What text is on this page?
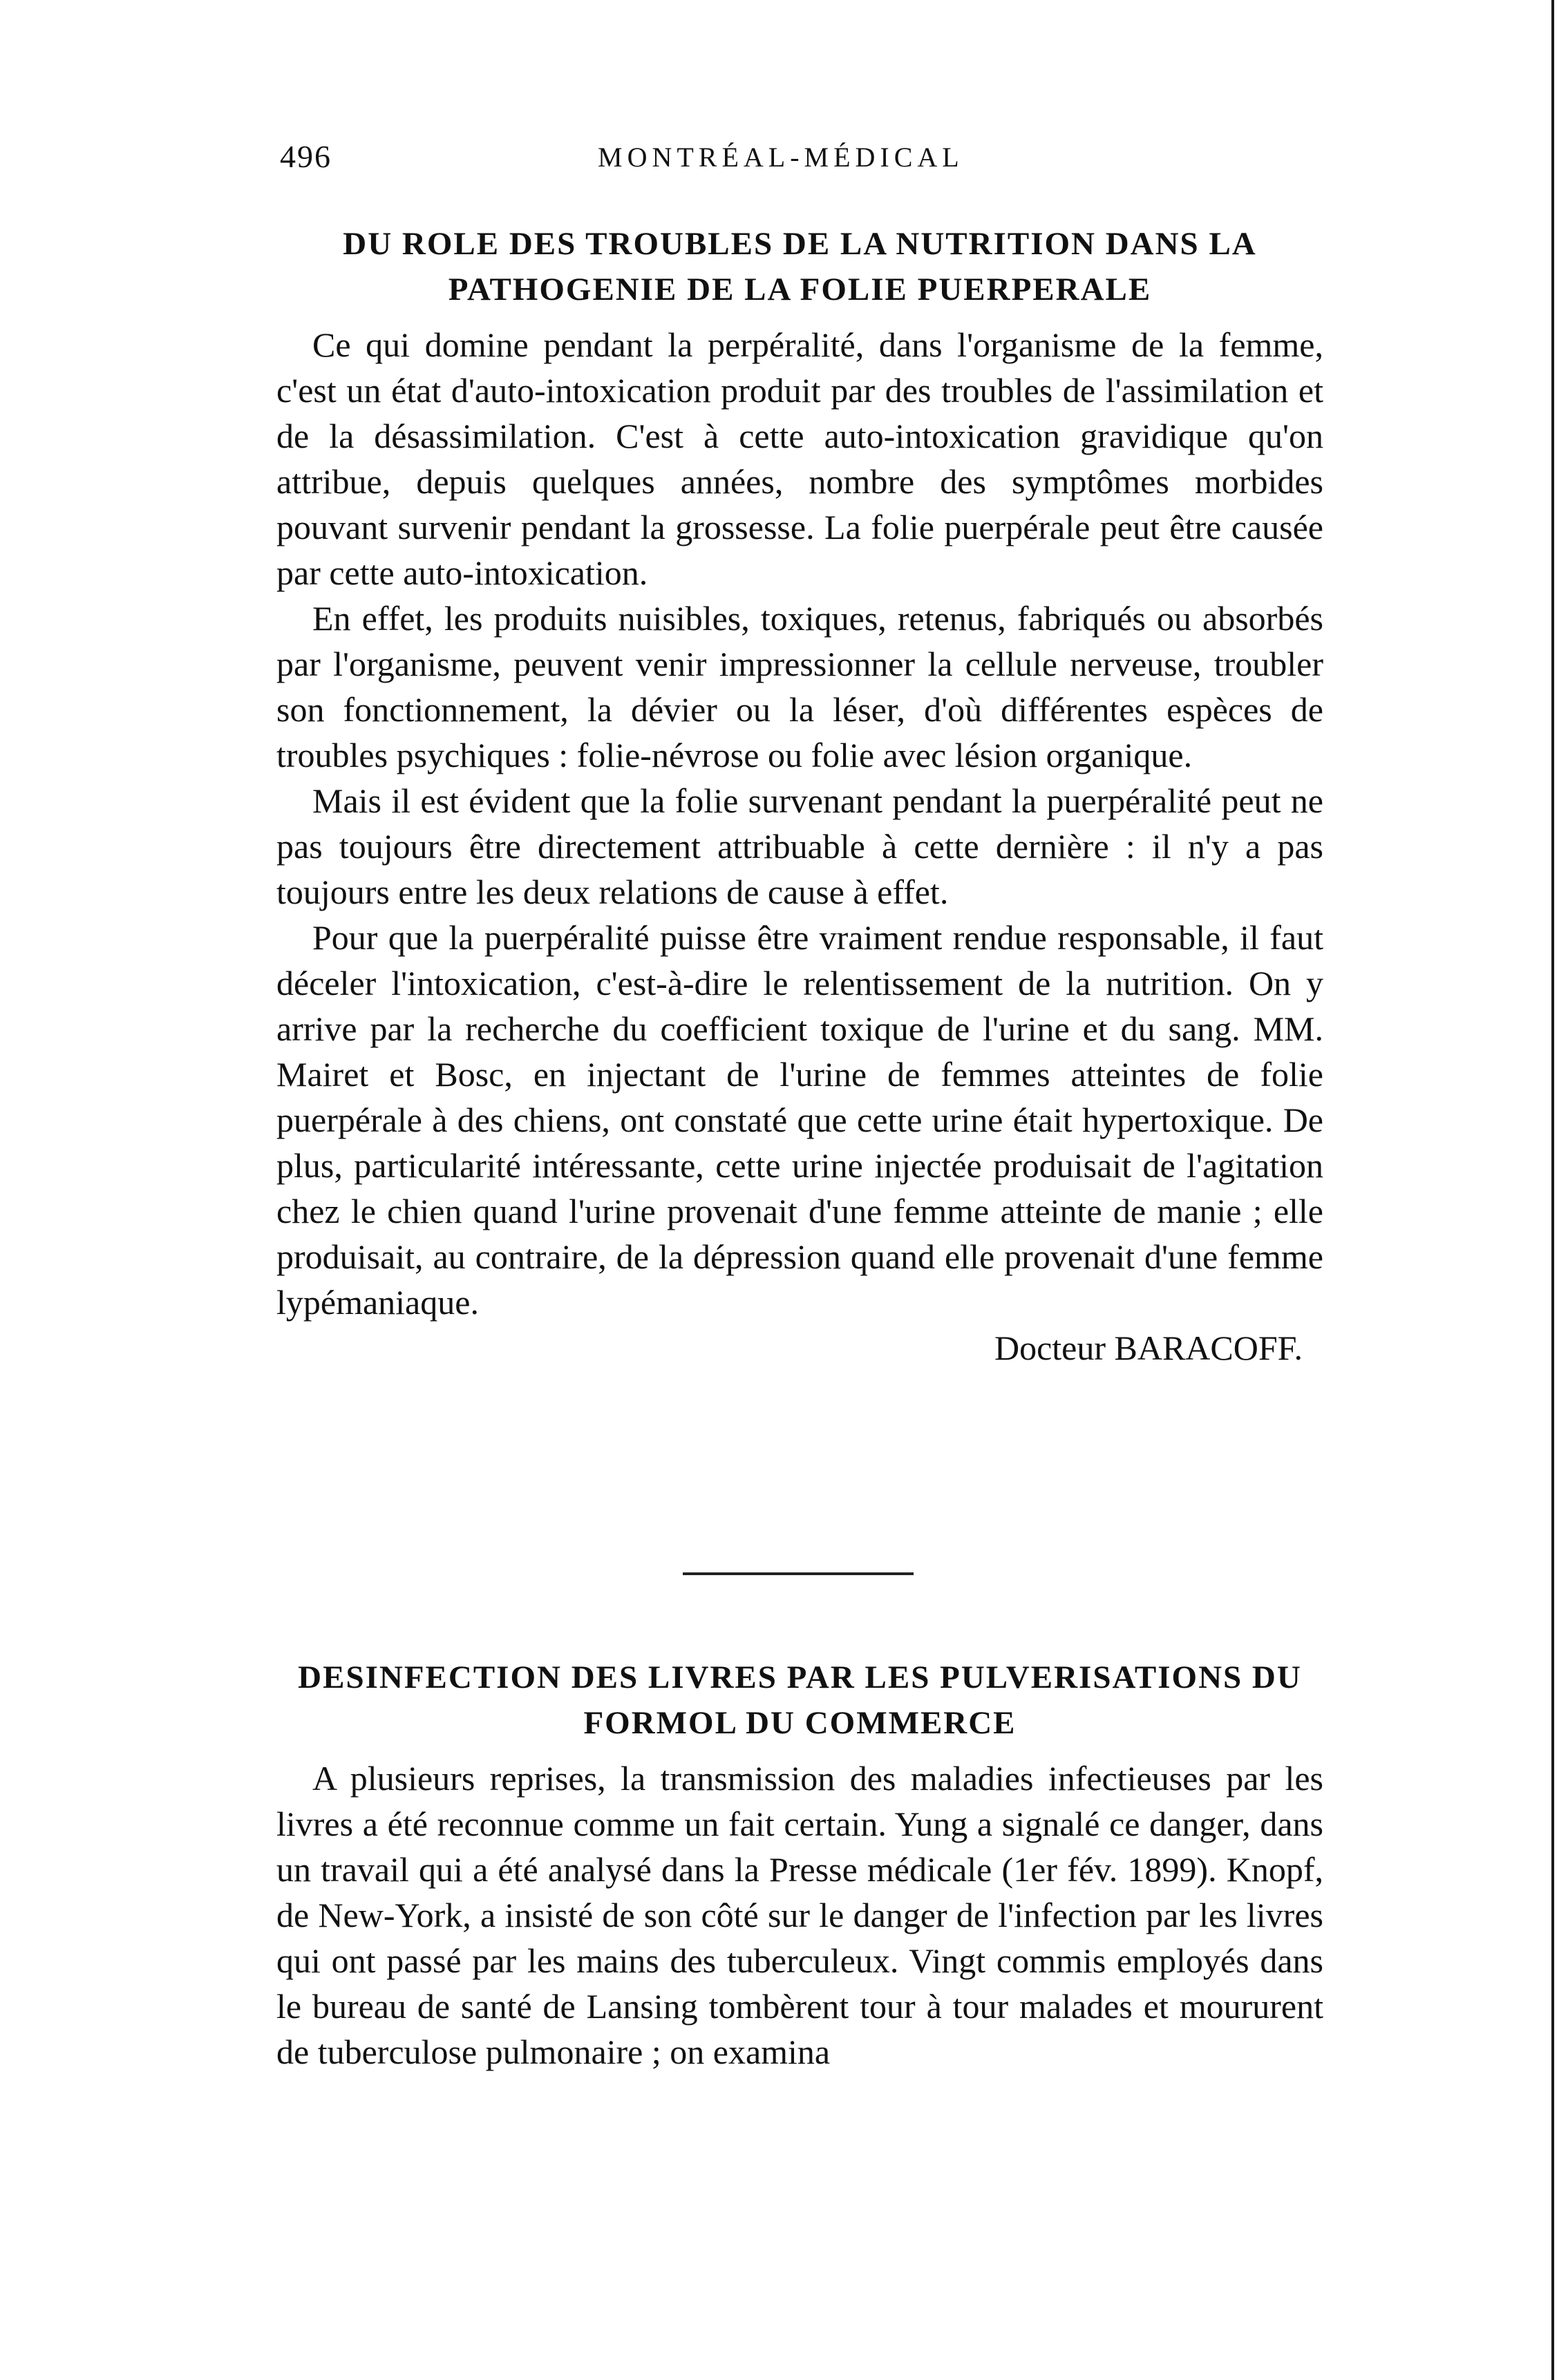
496	MONTRÉAL-MÉDICAL
DU ROLE DES TROUBLES DE LA NUTRITION DANS LA PATHOGENIE DE LA FOLIE PUERPERALE

Ce qui domine pendant la perpéralité, dans l'organisme de la femme, c'est un état d'auto-intoxication produit par des troubles de l'assimilation et de la désassimilation. C'est à cette auto-intoxication gravidique qu'on attribue, depuis quelques années, nombre des symptômes morbides pouvant survenir pendant la grossesse. La folie puerpérale peut être causée par cette auto-intoxication.

En effet, les produits nuisibles, toxiques, retenus, fabriqués ou absorbés par l'organisme, peuvent venir impressionner la cellule nerveuse, troubler son fonctionnement, la dévier ou la léser, d'où différentes espèces de troubles psychiques : folie-névrose ou folie avec lésion organique.

Mais il est évident que la folie survenant pendant la puerpéralité peut ne pas toujours être directement attribuable à cette dernière : il n'y a pas toujours entre les deux relations de cause à effet.

Pour que la puerpéralité puisse être vraiment rendue responsable, il faut déceler l'intoxication, c'est-à-dire le relentissement de la nutrition. On y arrive par la recherche du coefficient toxique de l'urine et du sang. MM. Mairet et Bosc, en injectant de l'urine de femmes atteintes de folie puerpérale à des chiens, ont constaté que cette urine était hypertoxique. De plus, particularité intéressante, cette urine injectée produisait de l'agitation chez le chien quand l'urine provenait d'une femme atteinte de manie ; elle produisait, au contraire, de la dépression quand elle provenait d'une femme lypémaniaque.

Docteur BARACOFF.

DESINFECTION DES LIVRES PAR LES PULVERISATIONS DU FORMOL DU COMMERCE

A plusieurs reprises, la transmission des maladies infectieuses par les livres a été reconnue comme un fait certain. Yung a signalé ce danger, dans un travail qui a été analysé dans la Presse médicale (1er fév. 1899). Knopf, de New-York, a insisté de son côté sur le danger de l'infection par les livres qui ont passé par les mains des tuberculeux. Vingt commis employés dans le bureau de santé de Lansing tombèrent tour à tour malades et moururent de tuberculose pulmonaire ; on examina
